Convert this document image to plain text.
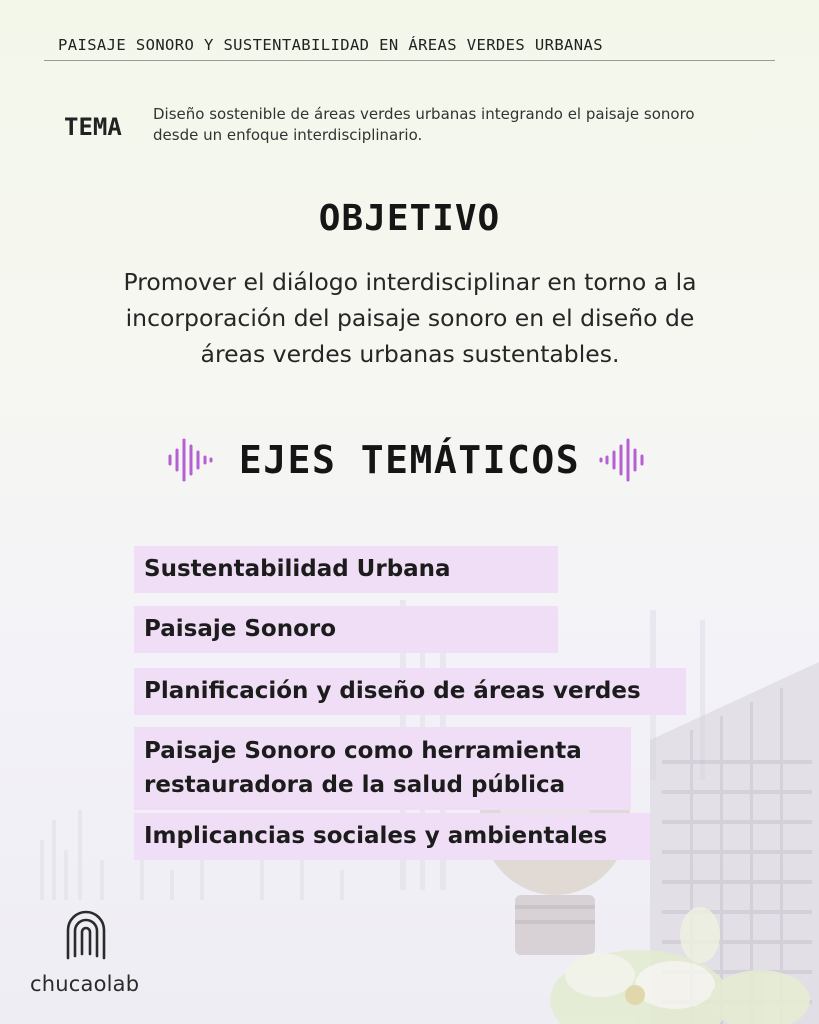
PAISAJE SONORO Y SUSTENTABILIDAD EN ÁREAS VERDES URBANAS
TEMA Diseño sostenible de áreas verdes urbanas integrando el paisaje sonoro desde un enfoque interdisciplinario.
OBJETIVO
Promover el diálogo interdisciplinar en torno a la incorporación del paisaje sonoro en el diseño de áreas verdes urbanas sustentables.
EJES TEMÁTICOS
Sustentabilidad Urbana
Paisaje Sonoro
Planificación y diseño de áreas verdes
Paisaje Sonoro como herramienta restauradora de la salud pública
Implicancias sociales y ambientales
chucaolab
